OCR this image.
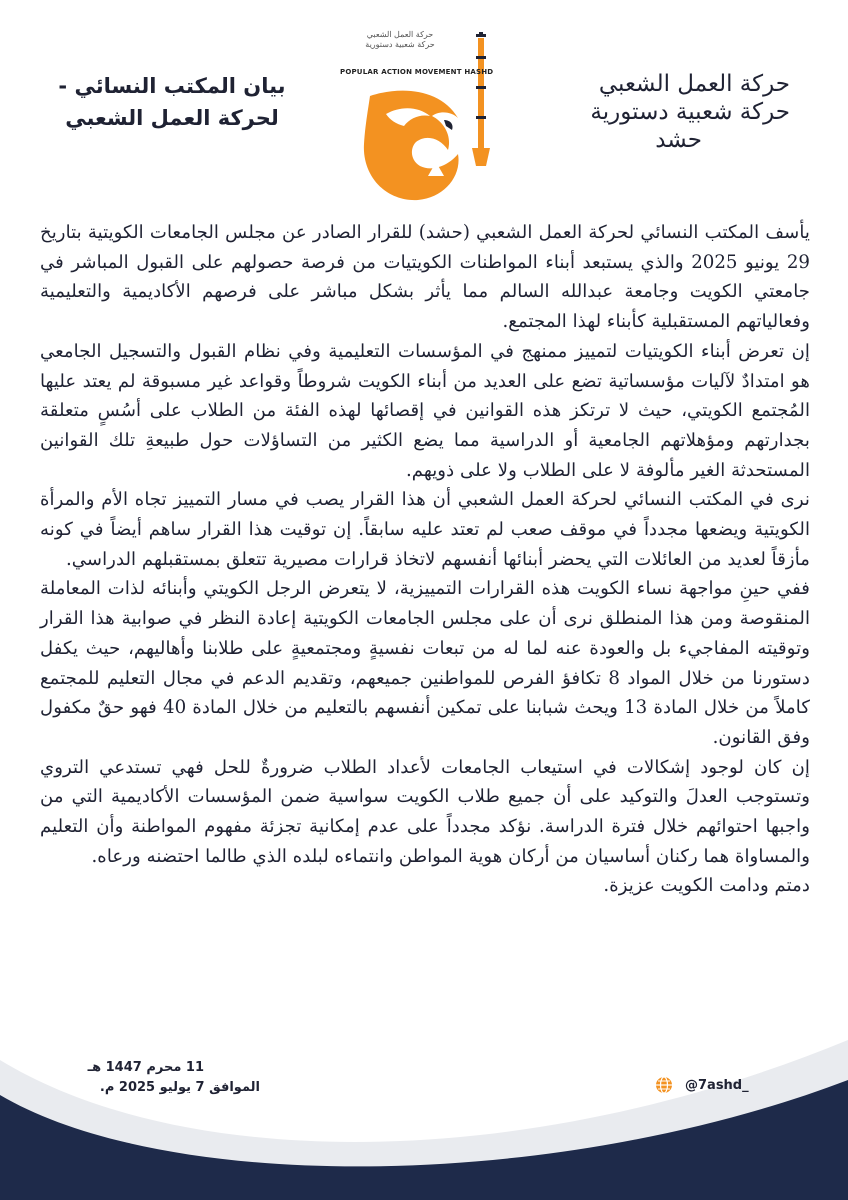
حركة العمل الشعبي
حركة شعبية دستورية
حشد
حركة العمل الشعبي
حركة شعبية دستورية
POPULAR ACTION MOVEMENT HASHD
بيان المكتب النسائي -
لحركة العمل الشعبي

يأسف المكتب النسائي لحركة العمل الشعبي (حشد) للقرار الصادر عن مجلس الجامعات الكويتية بتاريخ 29 يونيو 2025 والذي يستبعد أبناء المواطنات الكويتيات من فرصة حصولهم على القبول المباشر في جامعتي الكويت وجامعة عبدالله السالم مما يأثر بشكل مباشر على فرصهم الأكاديمية والتعليمية وفعالياتهم المستقبلية كأبناء لهذا المجتمع.

إن تعرض أبناء الكويتيات لتمييز ممنهج في المؤسسات التعليمية وفي نظام القبول والتسجيل الجامعي هو امتدادٌ لآليات مؤسساتية تضع على العديد من أبناء الكويت شروطاً وقواعد غير مسبوقة لم يعتد عليها المُجتمع الكويتي، حيث لا ترتكز هذه القوانين في إقصائها لهذه الفئة من الطلاب على أسُسٍ متعلقة بجدارتهم ومؤهلاتهم الجامعية أو الدراسية مما يضع الكثير من التساؤلات حول طبيعةِ تلك القوانين المستحدثة الغير مألوفة لا على الطلاب ولا على ذويهم.

نرى في المكتب النسائي لحركة العمل الشعبي أن هذا القرار يصب في مسار التمييز تجاه الأم والمرأة الكويتية ويضعها مجدداً في موقف صعب لم تعتد عليه سابقاً. إن توقيت هذا القرار ساهم أيضاً في كونه مأزقاً لعديد من العائلات التي يحضر أبنائها أنفسهم لاتخاذ قرارات مصيرية تتعلق بمستقبلهم الدراسي.

ففي حينِ مواجهة نساء الكويت هذه القرارات التمييزية، لا يتعرض الرجل الكويتي وأبنائه لذات المعاملة المنقوصة ومن هذا المنطلق نرى أن على مجلس الجامعات الكويتية إعادة النظر في صوابية هذا القرار وتوقيته المفاجيء بل والعودة عنه لما له من تبعات نفسيةٍ ومجتمعيةٍ على طلابنا وأهاليهم، حيث يكفل دستورنا من خلال المواد 8 تكافؤ الفرص للمواطنين جميعهم، وتقديم الدعم في مجال التعليم للمجتمع كاملاً من خلال المادة 13 ويحث شبابنا على تمكين أنفسهم بالتعليم من خلال المادة 40 فهو حقٌ مكفول وفق القانون.

إن كان لوجود إشكالات في استيعاب الجامعات لأعداد الطلاب ضرورةٌ للحل فهي تستدعي التروي وتستوجب العدلَ والتوكيد على أن جميع طلاب الكويت سواسية ضمن المؤسسات الأكاديمية التي من واجبها احتوائهم خلال فترة الدراسة. نؤكد مجدداً على عدم إمكانية تجزئة مفهوم المواطنة وأن التعليم والمساواة هما ركنان أساسيان من أركان هوية المواطن وانتماءه لبلده الذي طالما احتضنه ورعاه.

دمتم ودامت الكويت عزيزة.

11 محرم 1447 هـ
الموافق 7 يوليو 2025 م.	@7ashd_
